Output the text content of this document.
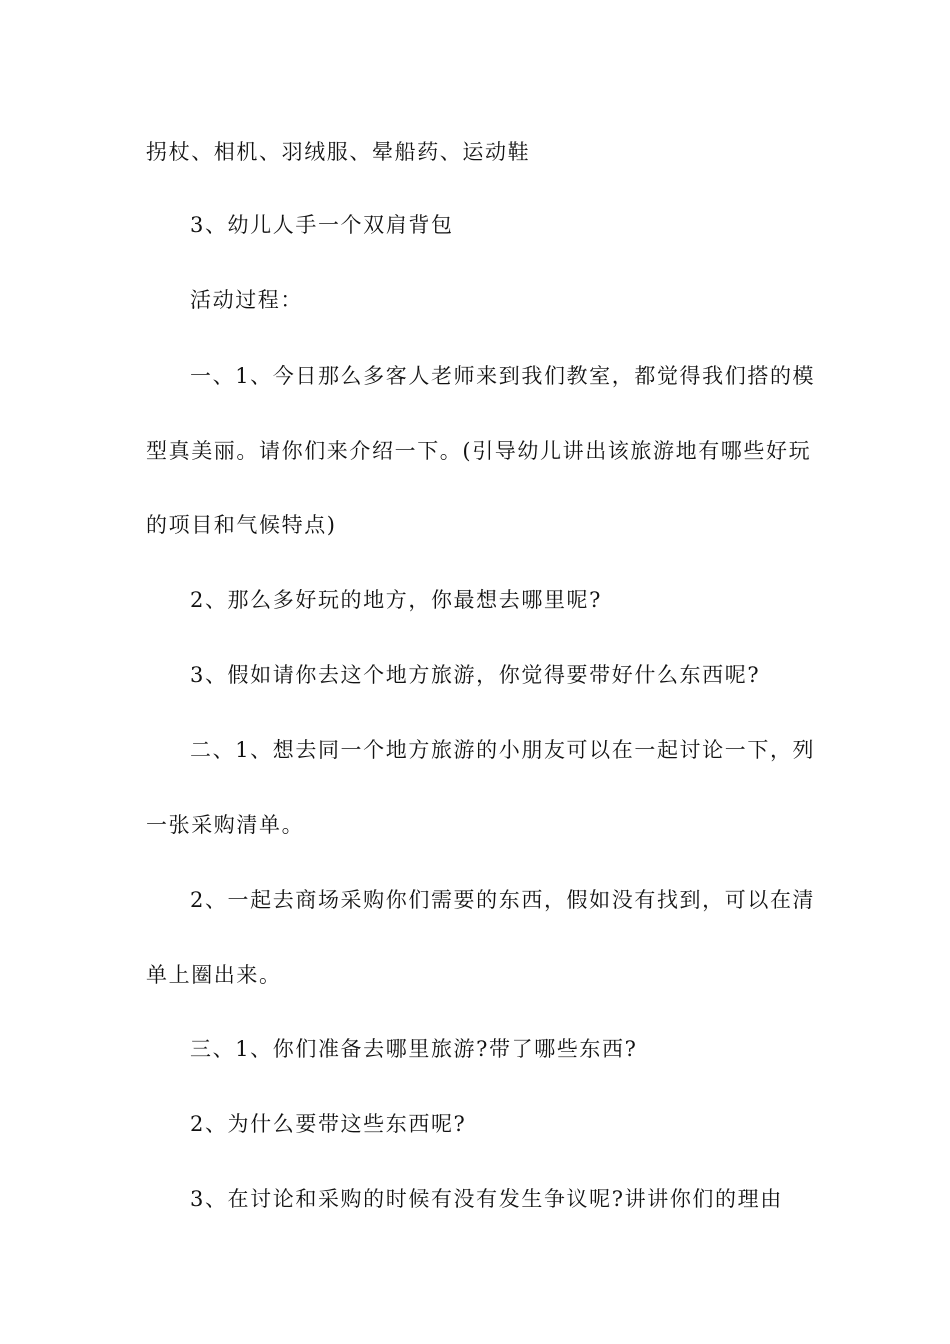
拐杖、相机、羽绒服、晕船药、运动鞋
3、幼儿人手一个双肩背包
活动过程：
一、1、今日那么多客人老师来到我们教室，都觉得我们搭的模
型真美丽。请你们来介绍一下。(引导幼儿讲出该旅游地有哪些好玩
的项目和气候特点)
2、那么多好玩的地方，你最想去哪里呢?
3、假如请你去这个地方旅游，你觉得要带好什么东西呢?
二、1、想去同一个地方旅游的小朋友可以在一起讨论一下，列
一张采购清单。
2、一起去商场采购你们需要的东西，假如没有找到，可以在清
单上圈出来。
三、1、你们准备去哪里旅游?带了哪些东西?
2、为什么要带这些东西呢?
3、在讨论和采购的时候有没有发生争议呢?讲讲你们的理由
